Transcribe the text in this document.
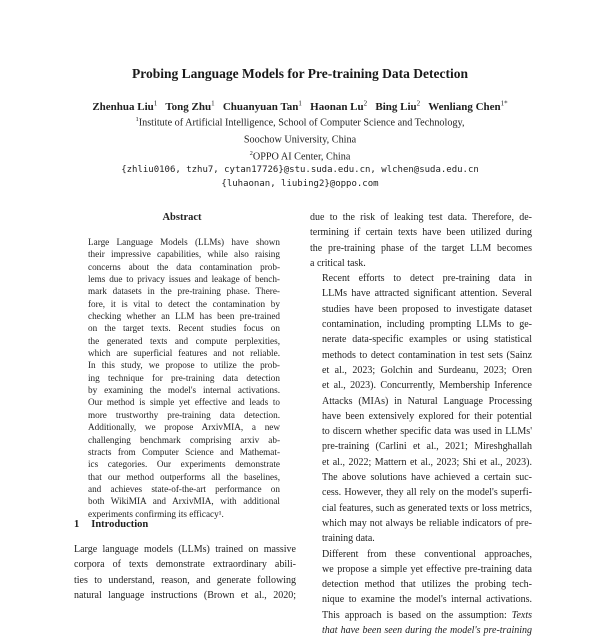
Probing Language Models for Pre-training Data Detection
Zhenhua Liu$^1$ Tong Zhu$^1$ Chuanyuan Tan$^1$ Haonan Lu$^2$ Bing Liu$^2$ Wenliang Chen$^{1*}$
$^1$Institute of Artificial Intelligence, School of Computer Science and Technology,
Soochow University, China
$^2$OPPO AI Center, China
{zhliu0106, tzhu7, cytan17726}@stu.suda.edu.cn, wlchen@suda.edu.cn
{luhaonan, liubing2}@oppo.com
Abstract
Large Language Models (LLMs) have shown
their impressive capabilities, while also raising
concerns about the data contamination prob-
lems due to privacy issues and leakage of bench-
mark datasets in the pre-training phase. There-
fore, it is vital to detect the contamination by
checking whether an LLM has been pre-trained
on the target texts. Recent studies focus on
the generated texts and compute perplexities,
which are superficial features and not reliable.
In this study, we propose to utilize the prob-
ing technique for pre-training data detection
by examining the model's internal activations.
Our method is simple yet effective and leads to
more trustworthy pre-training data detection.
Additionally, we propose ArxivMIA, a new
challenging benchmark comprising arxiv ab-
stracts from Computer Science and Mathemat-
ics categories. Our experiments demonstrate
that our method outperforms all the baselines,
and achieves state-of-the-art performance on
both WikiMIA and ArxivMIA, with additional
experiments confirming its efficacy¹.
1 Introduction
Large language models (LLMs) trained on massive
corpora of texts demonstrate extraordinary abili-
ties to understand, reason, and generate following
natural language instructions (Brown et al., 2020;

due to the risk of leaking test data. Therefore, de-
termining if certain texts have been utilized during
the pre-training phase of the target LLM becomes
a critical task.

Recent efforts to detect pre-training data in
LLMs have attracted significant attention. Several
studies have been proposed to investigate dataset
contamination, including prompting LLMs to ge-
nerate data-specific examples or using statistical
methods to detect contamination in test sets (Sainz
et al., 2023; Golchin and Surdeanu, 2023; Oren
et al., 2023). Concurrently, Membership Inference
Attacks (MIAs) in Natural Language Processing
have been extensively explored for their potential
to discern whether specific data was used in LLMs'
pre-training (Carlini et al., 2021; Mireshghallah
et al., 2022; Mattern et al., 2023; Shi et al., 2023).
The above solutions have achieved a certain suc-
cess. However, they all rely on the model's superfi-
cial features, such as generated texts or loss metrics,
which may not always be reliable indicators of pre-
training data.

Different from these conventional approaches,
we propose a simple yet effective pre-training data
detection method that utilizes the probing tech-
nique to examine the model's internal activations.
This approach is based on the assumption: Texts
that have been seen during the model's pre-training
